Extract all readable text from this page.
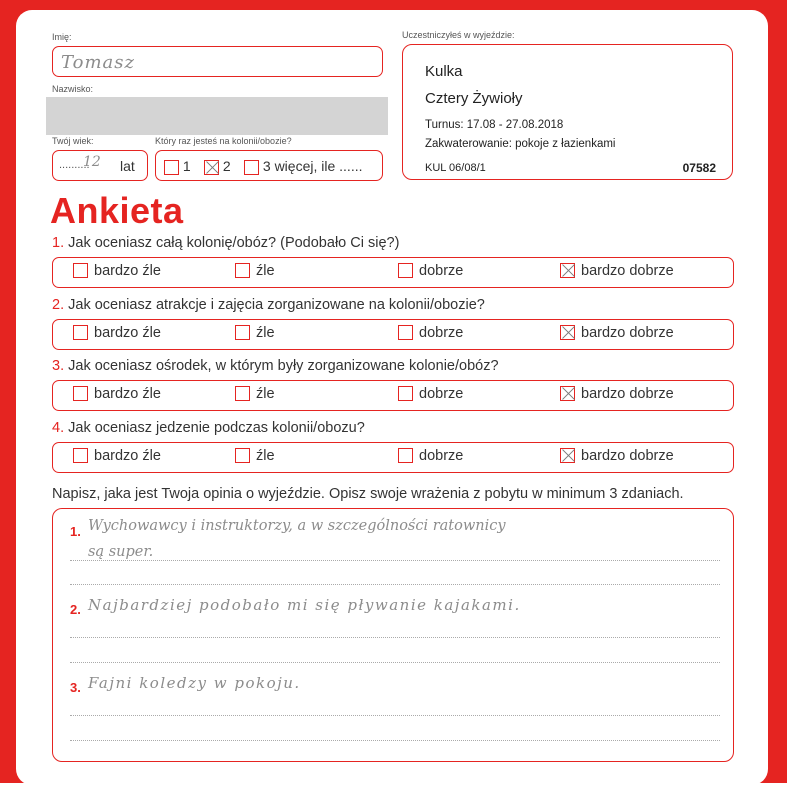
Imię:
Tomasz
Nazwisko:
Twój wiek:
..........
12 lat
Który raz jesteś na kolonii/obozie?
1	2	3 więcej, ile ......
Uczestniczyłeś w wyjeździe:
Kulka
Cztery Żywioły
Turnus: 17.08 - 27.08.2018
Zakwaterowanie: pokoje z łazienkami
KUL 06/08/1	07582
Ankieta
1. Jak oceniasz całą kolonię/obóz? (Podobało Ci się?)
bardzo źle	źle	dobrze	bardzo dobrze
2. Jak oceniasz atrakcje i zajęcia zorganizowane na kolonii/obozie?
bardzo źle	źle	dobrze	bardzo dobrze
3. Jak oceniasz ośrodek, w którym były zorganizowane kolonie/obóz?
bardzo źle	źle	dobrze	bardzo dobrze
4. Jak oceniasz jedzenie podczas kolonii/obozu?
bardzo źle	źle	dobrze	bardzo dobrze
Napisz, jaka jest Twoja opinia o wyjeździe. Opisz swoje wrażenia z pobytu w minimum 3 zdaniach.
1. Wychowawcy i instruktorzy, a w szczególności ratownicy
są super.
2. Najbardziej podobało mi się pływanie kajakami.
3. Fajni koledzy w pokoju.
